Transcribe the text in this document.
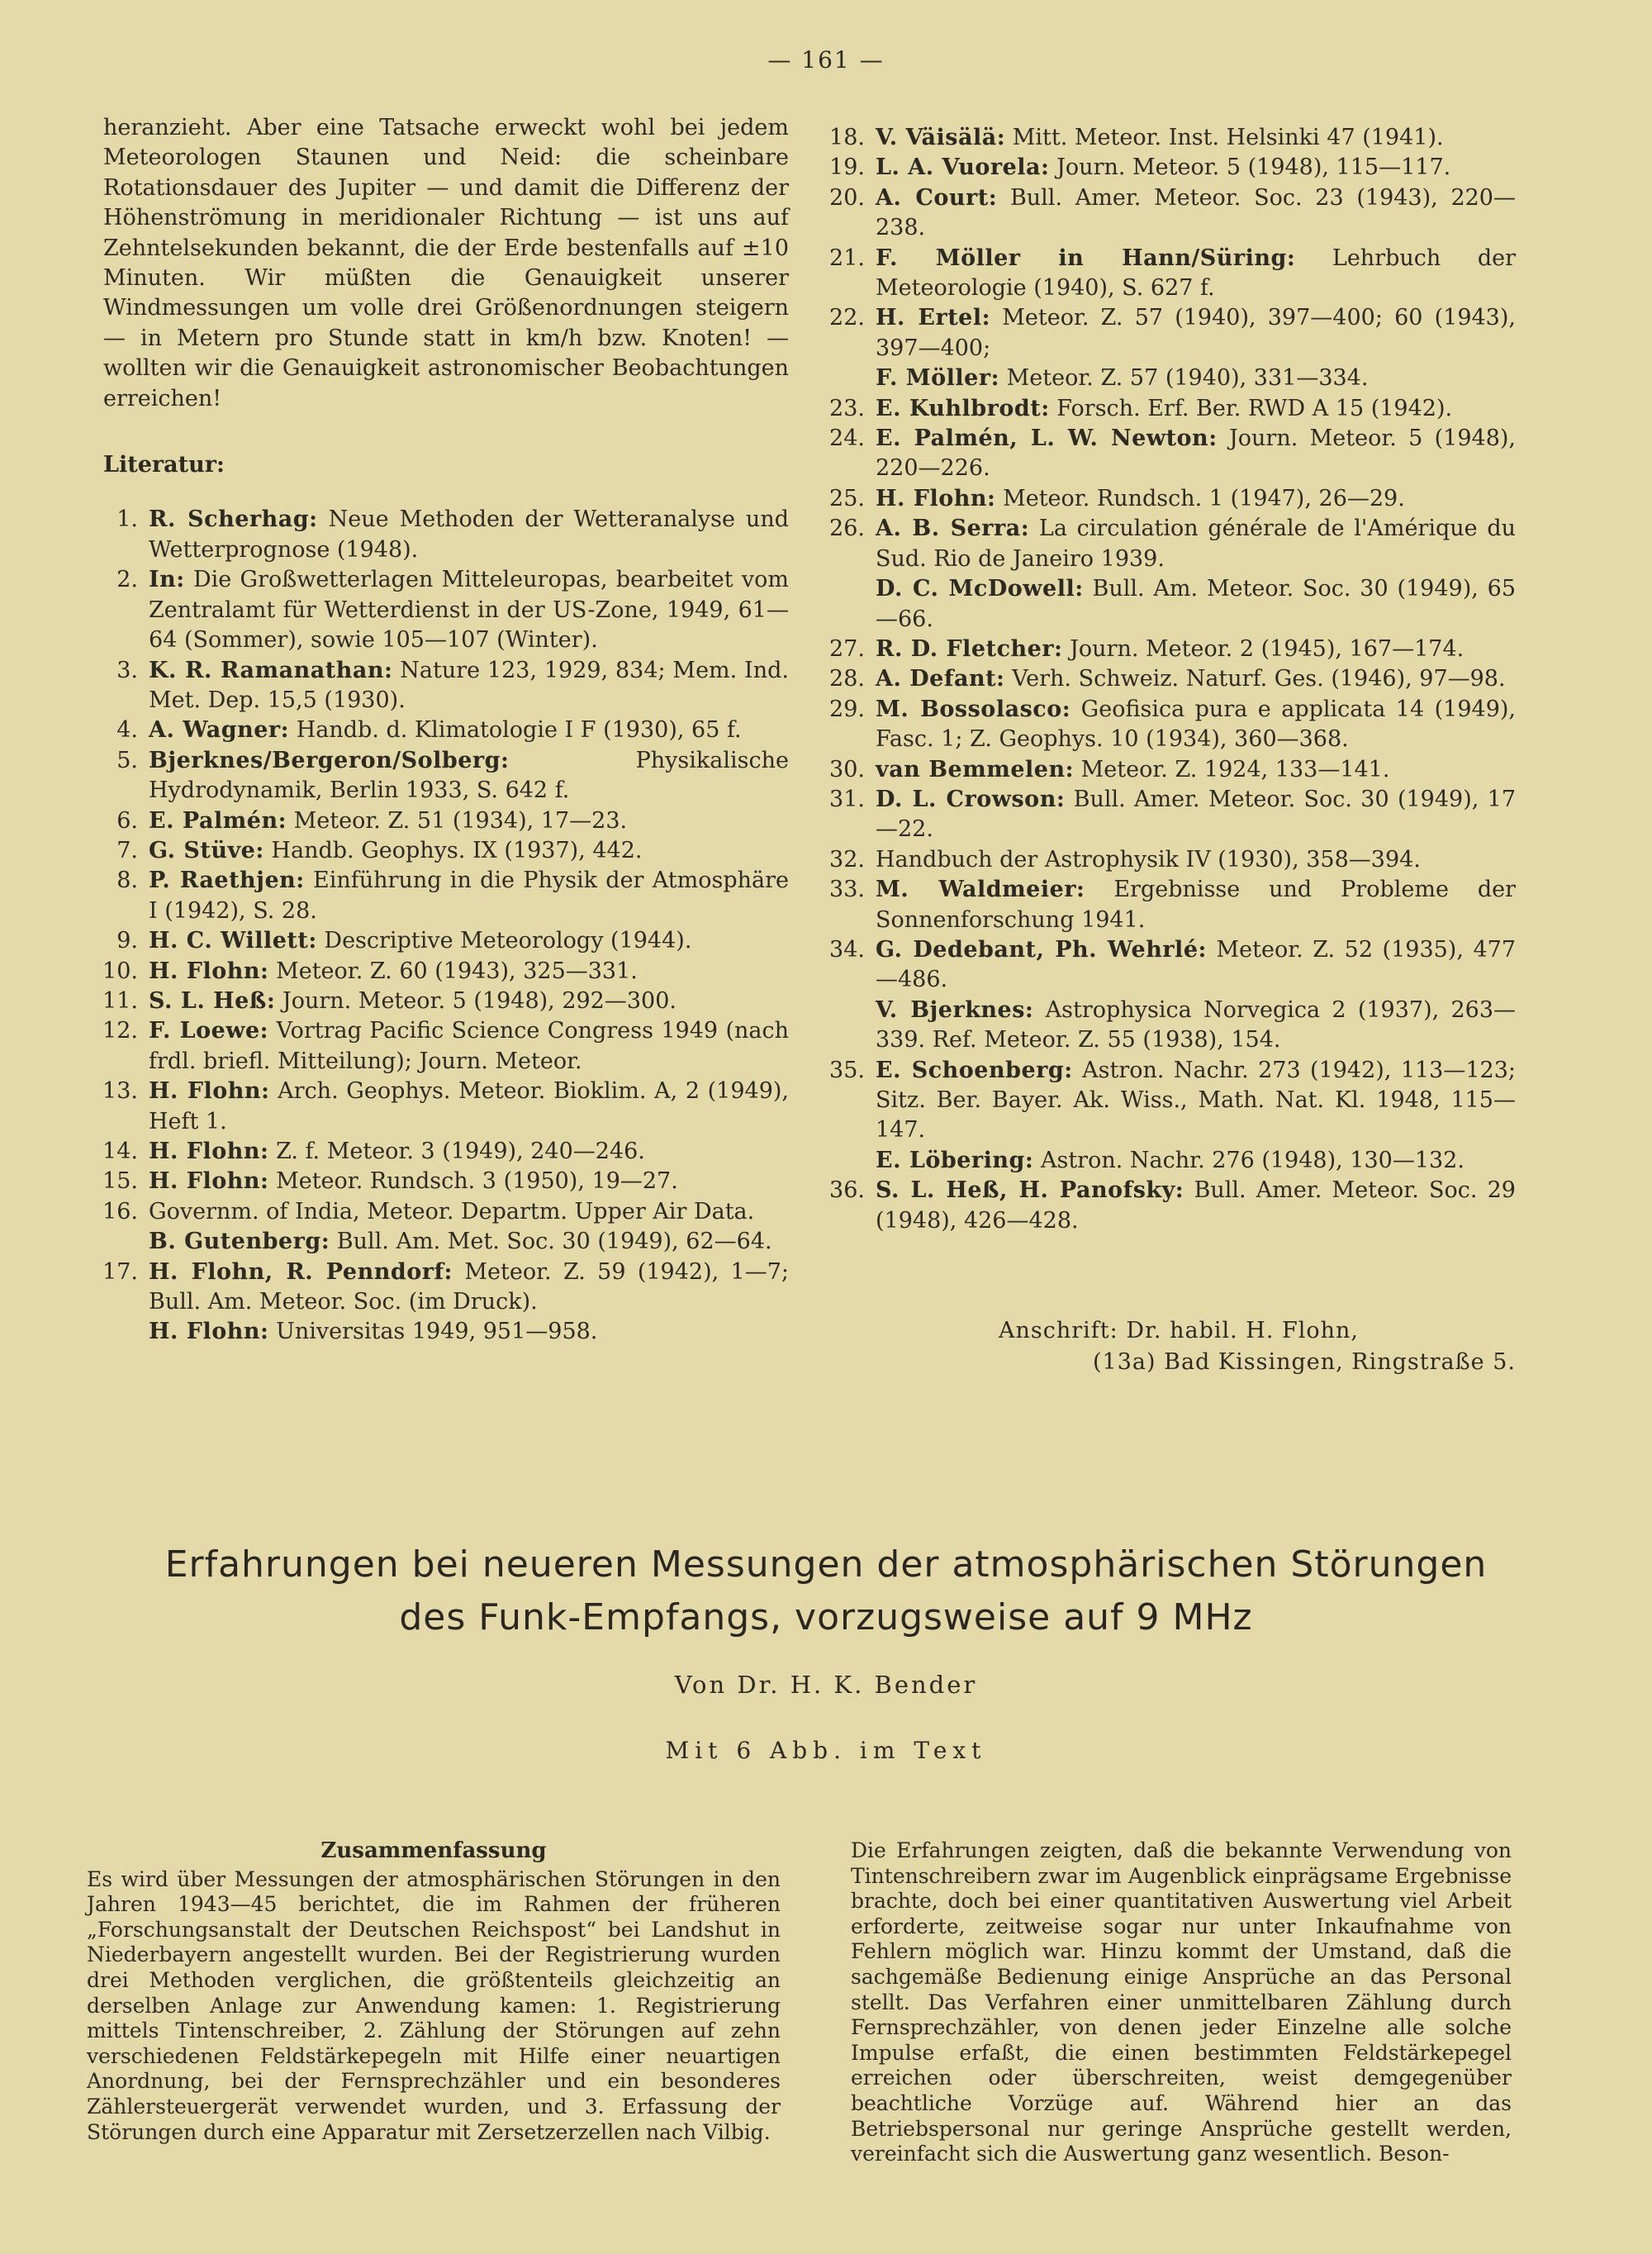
— 161 —

heranzieht. Aber eine Tatsache erweckt wohl bei jedem Meteorologen Staunen und Neid: die scheinbare Rotationsdauer des Jupiter — und damit die Differenz der Höhenströmung in meridionaler Richtung — ist uns auf Zehntelsekunden bekannt, die der Erde bestenfalls auf ±10 Minuten. Wir müßten die Genauigkeit unserer Windmessungen um volle drei Größenordnungen steigern — in Metern pro Stunde statt in km/h bzw. Knoten! — wollten wir die Genauigkeit astronomischer Beobachtungen erreichen!

Literatur:
1. R. Scherhag: Neue Methoden der Wetteranalyse und Wetterprognose (1948).
2. In: Die Großwetterlagen Mitteleuropas, bearbeitet vom Zentralamt für Wetterdienst in der US-Zone, 1949, 61—64 (Sommer), sowie 105—107 (Winter).
3. K. R. Ramanathan: Nature 123, 1929, 834; Mem. Ind. Met. Dep. 15,5 (1930).
4. A. Wagner: Handb. d. Klimatologie I F (1930), 65 f.
5. Bjerknes/Bergeron/Solberg: Physikalische Hydrodynamik, Berlin 1933, S. 642 f.
6. E. Palmén: Meteor. Z. 51 (1934), 17—23.
7. G. Stüve: Handb. Geophys. IX (1937), 442.
8. P. Raethjen: Einführung in die Physik der Atmosphäre I (1942), S. 28.
9. H. C. Willett: Descriptive Meteorology (1944).
10. H. Flohn: Meteor. Z. 60 (1943), 325—331.
11. S. L. Heß: Journ. Meteor. 5 (1948), 292—300.
12. F. Loewe: Vortrag Pacific Science Congress 1949 (nach frdl. briefl. Mitteilung); Journ. Meteor.
13. H. Flohn: Arch. Geophys. Meteor. Bioklim. A, 2 (1949), Heft 1.
14. H. Flohn: Z. f. Meteor. 3 (1949), 240—246.
15. H. Flohn: Meteor. Rundsch. 3 (1950), 19—27.
16. Governm. of India, Meteor. Departm. Upper Air Data.
B. Gutenberg: Bull. Am. Met. Soc. 30 (1949), 62—64.
17. H. Flohn, R. Penndorf: Meteor. Z. 59 (1942), 1—7; Bull. Am. Meteor. Soc. (im Druck).
H. Flohn: Universitas 1949, 951—958.
18. V. Väisälä: Mitt. Meteor. Inst. Helsinki 47 (1941).
19. L. A. Vuorela: Journ. Meteor. 5 (1948), 115—117.
20. A. Court: Bull. Amer. Meteor. Soc. 23 (1943), 220—238.
21. F. Möller in Hann/Süring: Lehrbuch der Meteorologie (1940), S. 627 f.
22. H. Ertel: Meteor. Z. 57 (1940), 397—400; 60 (1943), 397—400;
F. Möller: Meteor. Z. 57 (1940), 331—334.
23. E. Kuhlbrodt: Forsch. Erf. Ber. RWD A 15 (1942).
24. E. Palmén, L. W. Newton: Journ. Meteor. 5 (1948), 220—226.
25. H. Flohn: Meteor. Rundsch. 1 (1947), 26—29.
26. A. B. Serra: La circulation générale de l'Amérique du Sud. Rio de Janeiro 1939.
D. C. McDowell: Bull. Am. Meteor. Soc. 30 (1949), 65—66.
27. R. D. Fletcher: Journ. Meteor. 2 (1945), 167—174.
28. A. Defant: Verh. Schweiz. Naturf. Ges. (1946), 97—98.
29. M. Bossolasco: Geofisica pura e applicata 14 (1949), Fasc. 1; Z. Geophys. 10 (1934), 360—368.
30. van Bemmelen: Meteor. Z. 1924, 133—141.
31. D. L. Crowson: Bull. Amer. Meteor. Soc. 30 (1949), 17—22.
32. Handbuch der Astrophysik IV (1930), 358—394.
33. M. Waldmeier: Ergebnisse und Probleme der Sonnenforschung 1941.
34. G. Dedebant, Ph. Wehrlé: Meteor. Z. 52 (1935), 477—486.
V. Bjerknes: Astrophysica Norvegica 2 (1937), 263—339. Ref. Meteor. Z. 55 (1938), 154.
35. E. Schoenberg: Astron. Nachr. 273 (1942), 113—123; Sitz. Ber. Bayer. Ak. Wiss., Math. Nat. Kl. 1948, 115—147.
E. Löbering: Astron. Nachr. 276 (1948), 130—132.
36. S. L. Heß, H. Panofsky: Bull. Amer. Meteor. Soc. 29 (1948), 426—428.
Anschrift: Dr. habil. H. Flohn,
(13a) Bad Kissingen, Ringstraße 5.
Erfahrungen bei neueren Messungen der atmosphärischen Störungen
des Funk-Empfangs, vorzugsweise auf 9 MHz
Von Dr. H. K. Bender
Mit 6 Abb. im Text
Zusammenfassung
Es wird über Messungen der atmosphärischen Störungen in den Jahren 1943—45 berichtet, die im Rahmen der früheren „Forschungsanstalt der Deutschen Reichspost“ bei Landshut in Niederbayern angestellt wurden. Bei der Registrierung wurden drei Methoden verglichen, die größtenteils gleichzeitig an derselben Anlage zur Anwendung kamen: 1. Registrierung mittels Tintenschreiber, 2. Zählung der Störungen auf zehn verschiedenen Feldstärkepegeln mit Hilfe einer neuartigen Anordnung, bei der Fernsprechzähler und ein besonderes Zählersteuergerät verwendet wurden, und 3. Erfassung der Störungen durch eine Apparatur mit Zersetzerzellen nach Vilbig.
Die Erfahrungen zeigten, daß die bekannte Verwendung von Tintenschreibern zwar im Augenblick einprägsame Ergebnisse brachte, doch bei einer quantitativen Auswertung viel Arbeit erforderte, zeitweise sogar nur unter Inkaufnahme von Fehlern möglich war. Hinzu kommt der Umstand, daß die sachgemäße Bedienung einige Ansprüche an das Personal stellt. Das Verfahren einer unmittelbaren Zählung durch Fernsprechzähler, von denen jeder Einzelne alle solche Impulse erfaßt, die einen bestimmten Feldstärkepegel erreichen oder überschreiten, weist demgegenüber beachtliche Vorzüge auf. Während hier an das Betriebspersonal nur geringe Ansprüche gestellt werden, vereinfacht sich die Auswertung ganz wesentlich. Beson-
